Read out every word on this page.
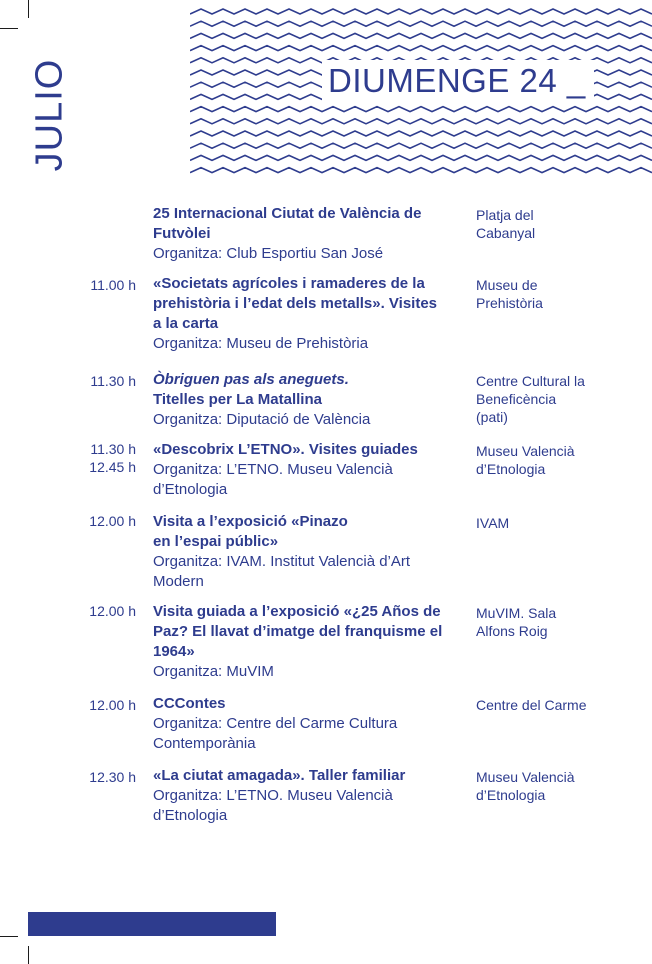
JULIO	DIUMENGE 24 _
25 Internacional Ciutat de València de Futvòlei
Organitza: Club Esportiu San José
Platja del Cabanyal
11.00 h «Societats agrícoles i ramaderes de la prehistòria i l’edat dels metalls». Visites a la carta
Organitza: Museu de Prehistòria
Museu de Prehistòria
11.30 h Òbriguen pas als aneguets.
Titelles per La Matallina
Organitza: Diputació de València
Centre Cultural la Beneficència (pati)
11.30 h 12.45 h
«Descobrix L’ETNO». Visites guiades
Organitza: L’ETNO. Museu Valencià d’Etnologia
Museu Valencià d’Etnologia
12.00 h Visita a l’exposició «Pinazo en l’espai públic»
Organitza: IVAM. Institut Valencià d’Art Modern
IVAM
12.00 h Visita guiada a l’exposició «¿25 Años de Paz? El llavat d’imatge del franquisme el 1964»
Organitza: MuVIM
MuVIM. Sala Alfons Roig
12.00 h CCContes
Organitza: Centre del Carme Cultura Contemporània
Centre del Carme
12.30 h «La ciutat amagada». Taller familiar
Organitza: L’ETNO. Museu Valencià d’Etnologia
Museu Valencià d’Etnologia
